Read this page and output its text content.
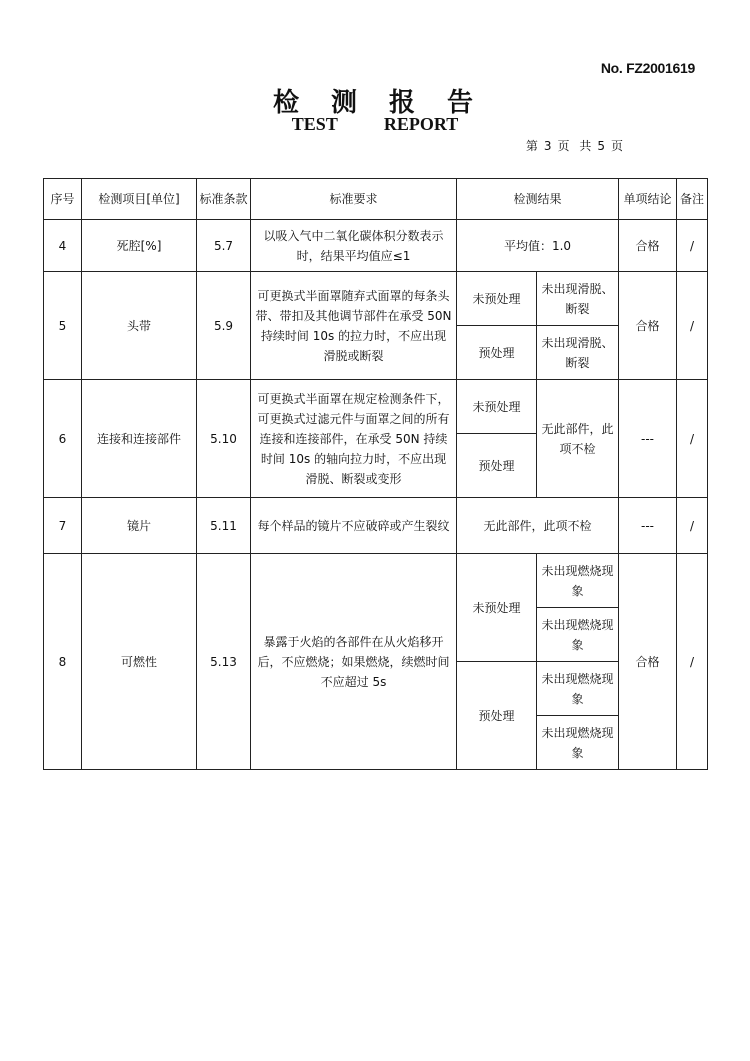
No. FZ2001619
检测报告
TEST	REPORT
第 3 页 共 5 页
序号	检测项目[单位]	标准条款	标准要求	检测结果		单项结论	备注
4	死腔[%]	5.7	以吸入气中二氧化碳体积分数表示时，结果平均值应≤1	平均值：1.0		合格	/
5	头带	5.9	可更换式半面罩随弃式面罩的每条头带、带扣及其他调节部件在承受 50N 持续时间 10s 的拉力时，不应出现滑脱或断裂	未预处理	未出现滑脱、断裂	合格	/
				预处理	未出现滑脱、断裂		
6	连接和连接部件	5.10	可更换式半面罩在规定检测条件下，可更换式过滤元件与面罩之间的所有连接和连接部件，在承受 50N 持续时间 10s 的轴向拉力时，不应出现滑脱、断裂或变形	未预处理	无此部件，此项不检	---	/
				预处理			
7	镜片	5.11	每个样品的镜片不应破碎或产生裂纹	无此部件，此项不检		---	/
8	可燃性	5.13	暴露于火焰的各部件在从火焰移开后，不应燃烧；如果燃烧，续燃时间不应超过 5s	未预处理	未出现燃烧现象	合格	/
					未出现燃烧现象		
				预处理	未出现燃烧现象		
					未出现燃烧现象		
